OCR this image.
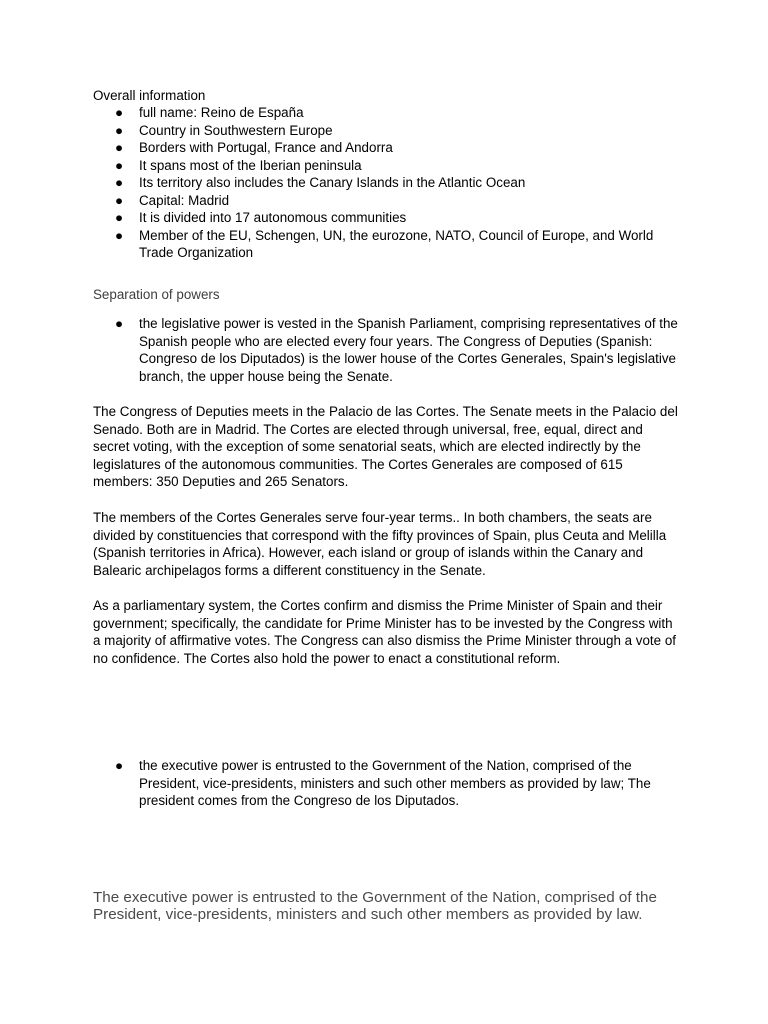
Overall information
● full name: Reino de España
● Country in Southwestern Europe
● Borders with Portugal, France and Andorra
● It spans most of the Iberian peninsula
● Its territory also includes the Canary Islands in the Atlantic Ocean
● Capital: Madrid
● It is divided into 17 autonomous communities
● Member of the EU, Schengen, UN, the eurozone, NATO, Council of Europe, and World Trade Organization
Separation of powers
● the legislative power is vested in the Spanish Parliament, comprising representatives of the Spanish people who are elected every four years. The Congress of Deputies (Spanish: Congreso de los Diputados) is the lower house of the Cortes Generales, Spain's legislative branch, the upper house being the Senate.

The Congress of Deputies meets in the Palacio de las Cortes. The Senate meets in the Palacio del Senado. Both are in Madrid. The Cortes are elected through universal, free, equal, direct and secret voting, with the exception of some senatorial seats, which are elected indirectly by the legislatures of the autonomous communities. The Cortes Generales are composed of 615 members: 350 Deputies and 265 Senators.

The members of the Cortes Generales serve four-year terms.. In both chambers, the seats are divided by constituencies that correspond with the fifty provinces of Spain, plus Ceuta and Melilla (Spanish territories in Africa). However, each island or group of islands within the Canary and Balearic archipelagos forms a different constituency in the Senate.

As a parliamentary system, the Cortes confirm and dismiss the Prime Minister of Spain and their government; specifically, the candidate for Prime Minister has to be invested by the Congress with a majority of affirmative votes. The Congress can also dismiss the Prime Minister through a vote of no confidence. The Cortes also hold the power to enact a constitutional reform.

● the executive power is entrusted to the Government of the Nation, comprised of the President, vice-presidents, ministers and such other members as provided by law; The president comes from the Congreso de los Diputados.

The executive power is entrusted to the Government of the Nation, comprised of the President, vice-presidents, ministers and such other members as provided by law.
